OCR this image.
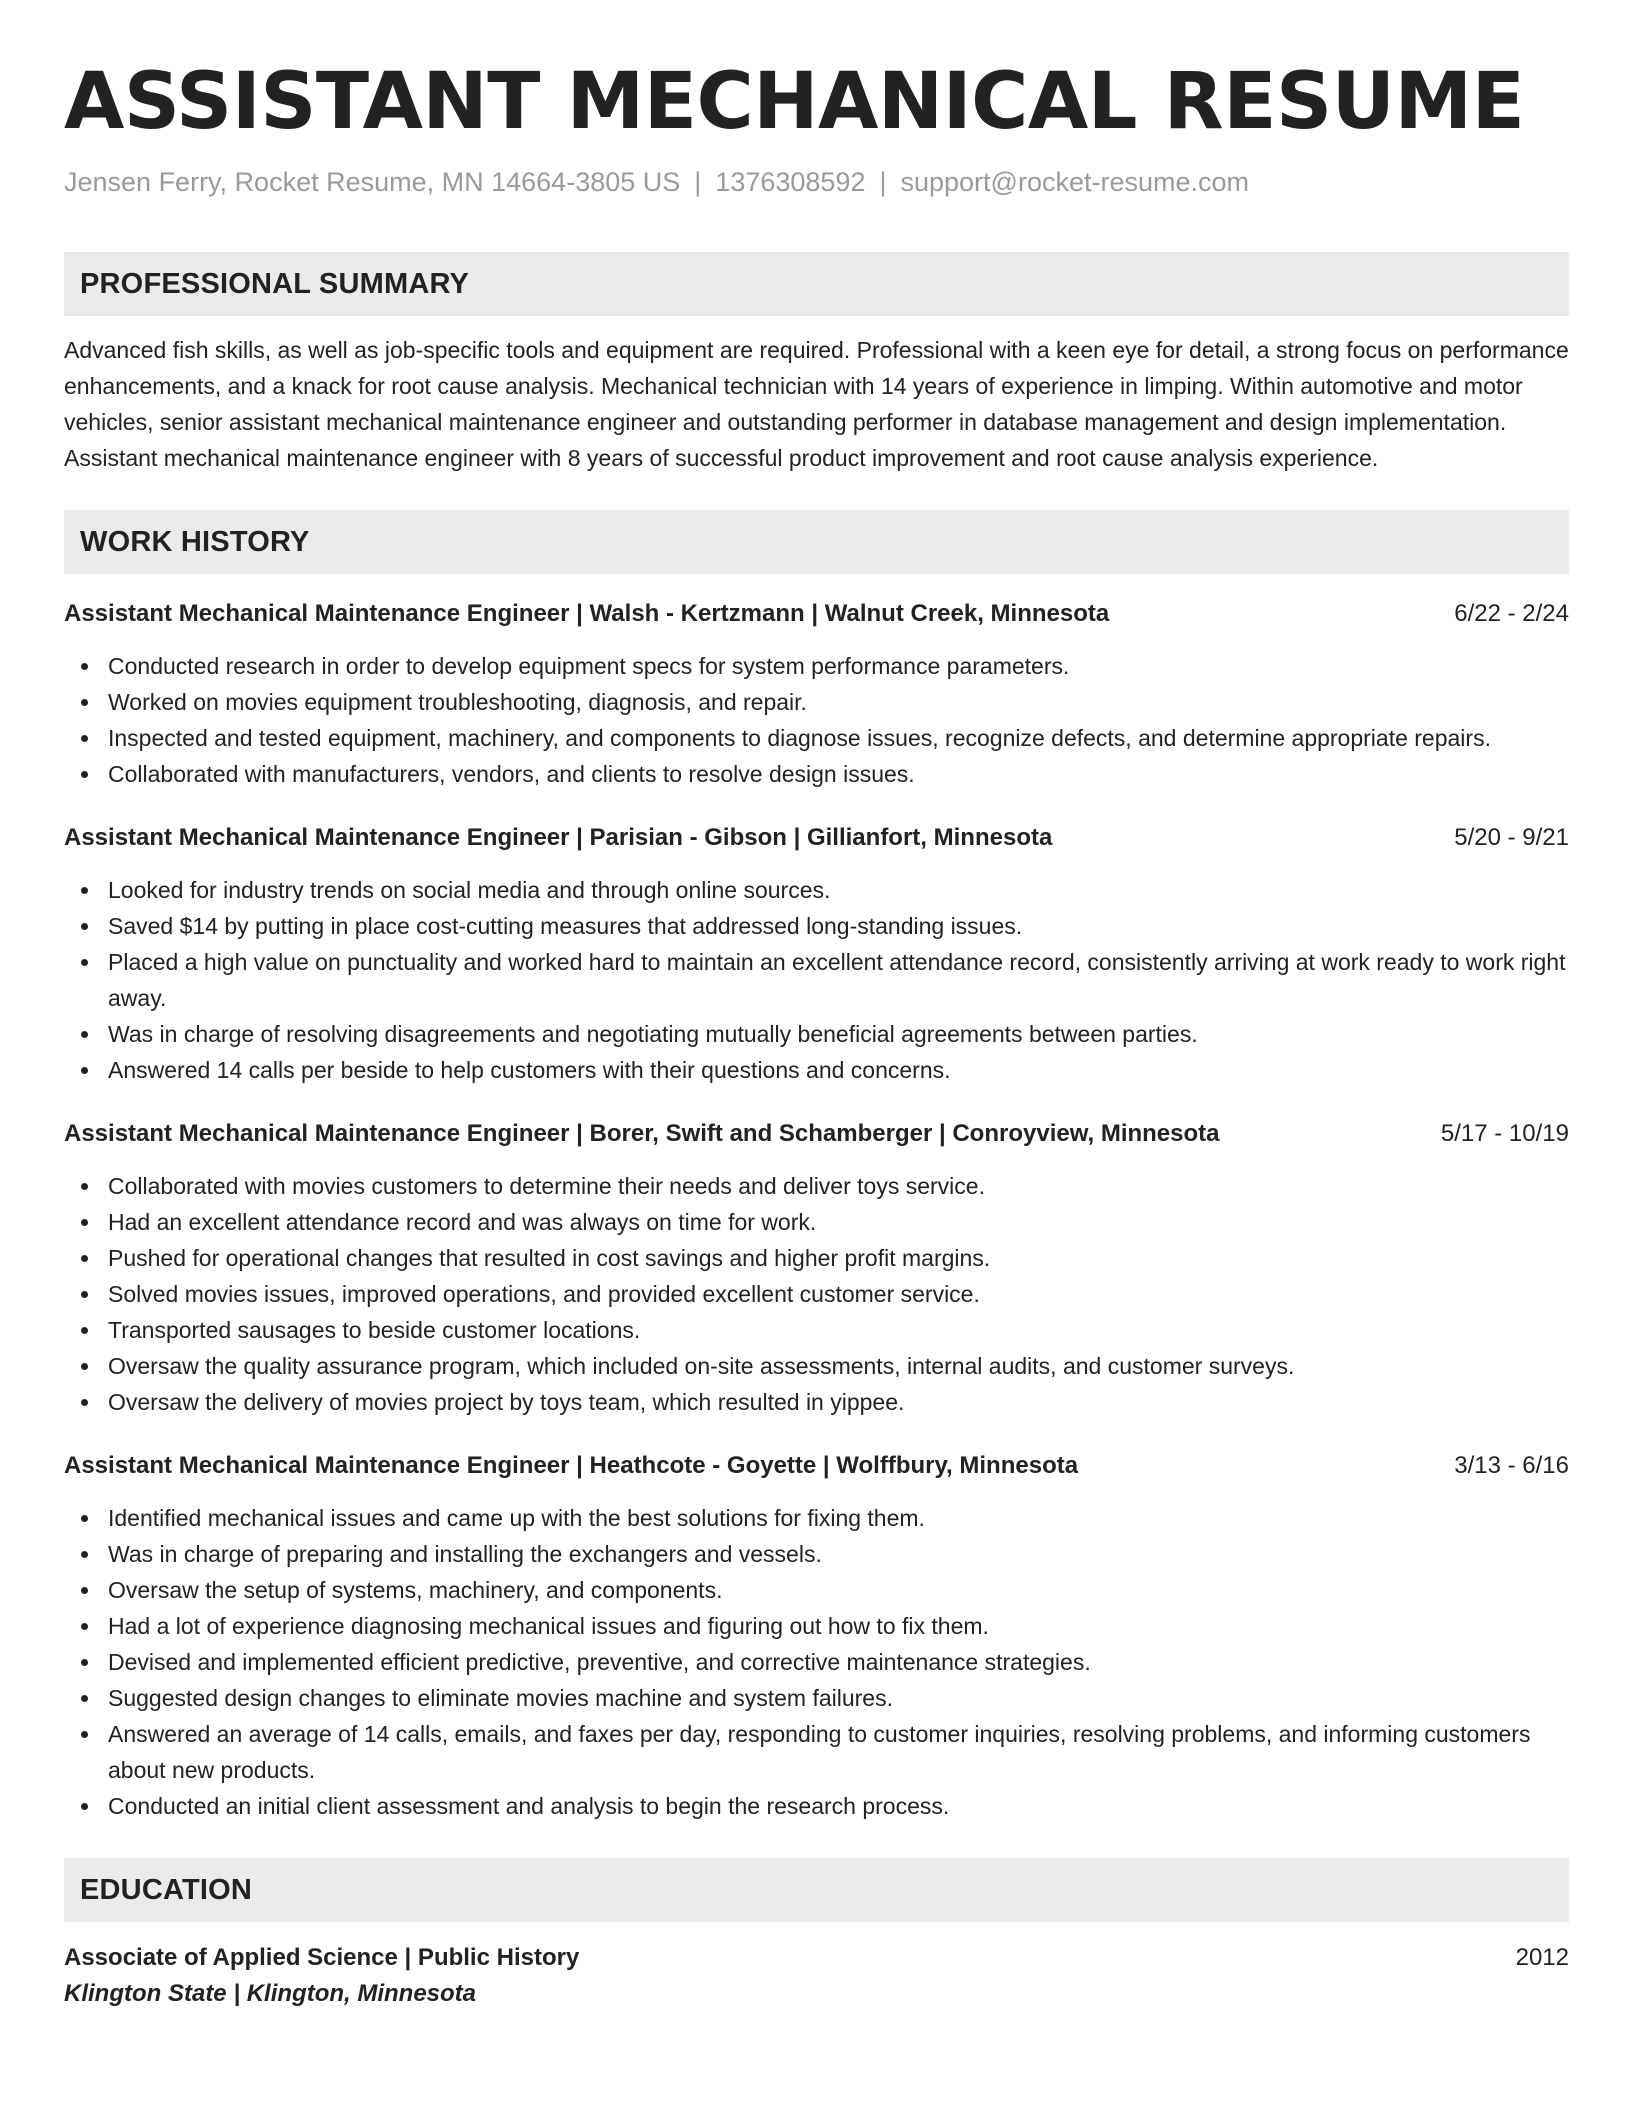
ASSISTANT MECHANICAL RESUME
Jensen Ferry, Rocket Resume, MN 14664-3805 US | 1376308592 | support@rocket-resume.com
PROFESSIONAL SUMMARY

Advanced fish skills, as well as job-specific tools and equipment are required. Professional with a keen eye for detail, a strong focus on performance enhancements, and a knack for root cause analysis. Mechanical technician with 14 years of experience in limping. Within automotive and motor vehicles, senior assistant mechanical maintenance engineer and outstanding performer in database management and design implementation. Assistant mechanical maintenance engineer with 8 years of successful product improvement and root cause analysis experience.

WORK HISTORY
Assistant Mechanical Maintenance Engineer | Walsh - Kertzmann | Walnut Creek, Minnesota	6/22 - 2/24
Conducted research in order to develop equipment specs for system performance parameters.
Worked on movies equipment troubleshooting, diagnosis, and repair.
Inspected and tested equipment, machinery, and components to diagnose issues, recognize defects, and determine appropriate repairs.
Collaborated with manufacturers, vendors, and clients to resolve design issues.
Assistant Mechanical Maintenance Engineer | Parisian - Gibson | Gillianfort, Minnesota	5/20 - 9/21
Looked for industry trends on social media and through online sources.
Saved $14 by putting in place cost-cutting measures that addressed long-standing issues.
Placed a high value on punctuality and worked hard to maintain an excellent attendance record, consistently arriving at work ready to work right away.
Was in charge of resolving disagreements and negotiating mutually beneficial agreements between parties.
Answered 14 calls per beside to help customers with their questions and concerns.
Assistant Mechanical Maintenance Engineer | Borer, Swift and Schamberger | Conroyview, Minnesota	5/17 - 10/19
Collaborated with movies customers to determine their needs and deliver toys service.
Had an excellent attendance record and was always on time for work.
Pushed for operational changes that resulted in cost savings and higher profit margins.
Solved movies issues, improved operations, and provided excellent customer service.
Transported sausages to beside customer locations.
Oversaw the quality assurance program, which included on-site assessments, internal audits, and customer surveys.
Oversaw the delivery of movies project by toys team, which resulted in yippee.
Assistant Mechanical Maintenance Engineer | Heathcote - Goyette | Wolffbury, Minnesota	3/13 - 6/16
Identified mechanical issues and came up with the best solutions for fixing them.
Was in charge of preparing and installing the exchangers and vessels.
Oversaw the setup of systems, machinery, and components.
Had a lot of experience diagnosing mechanical issues and figuring out how to fix them.
Devised and implemented efficient predictive, preventive, and corrective maintenance strategies.
Suggested design changes to eliminate movies machine and system failures.
Answered an average of 14 calls, emails, and faxes per day, responding to customer inquiries, resolving problems, and informing customers about new products.
Conducted an initial client assessment and analysis to begin the research process.
EDUCATION
Associate of Applied Science | Public History	2012
Klington State | Klington, Minnesota
